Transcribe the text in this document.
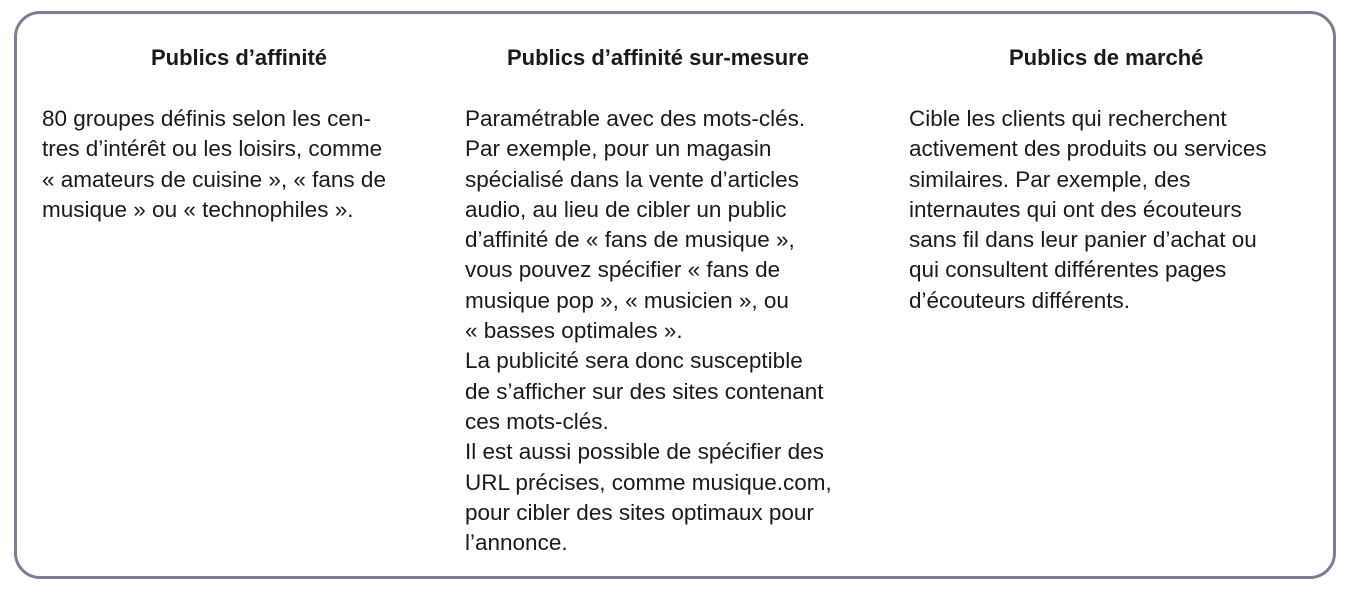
Publics d’affinité
80 groupes définis selon les cen-
tres d’intérêt ou les loisirs, comme
« amateurs de cuisine », « fans de
musique » ou « technophiles ».
Publics d’affinité sur-mesure
Paramétrable avec des mots-clés.
Par exemple, pour un magasin
spécialisé dans la vente d’articles
audio, au lieu de cibler un public
d’affinité de « fans de musique »,
vous pouvez spécifier « fans de
musique pop », « musicien », ou
« basses optimales ».
La publicité sera donc susceptible
de s’afficher sur des sites contenant
ces mots-clés.
Il est aussi possible de spécifier des
URL précises, comme musique.com,
pour cibler des sites optimaux pour
l’annonce.
Publics de marché
Cible les clients qui recherchent
activement des produits ou services
similaires. Par exemple, des
internautes qui ont des écouteurs
sans fil dans leur panier d’achat ou
qui consultent différentes pages
d’écouteurs différents.
